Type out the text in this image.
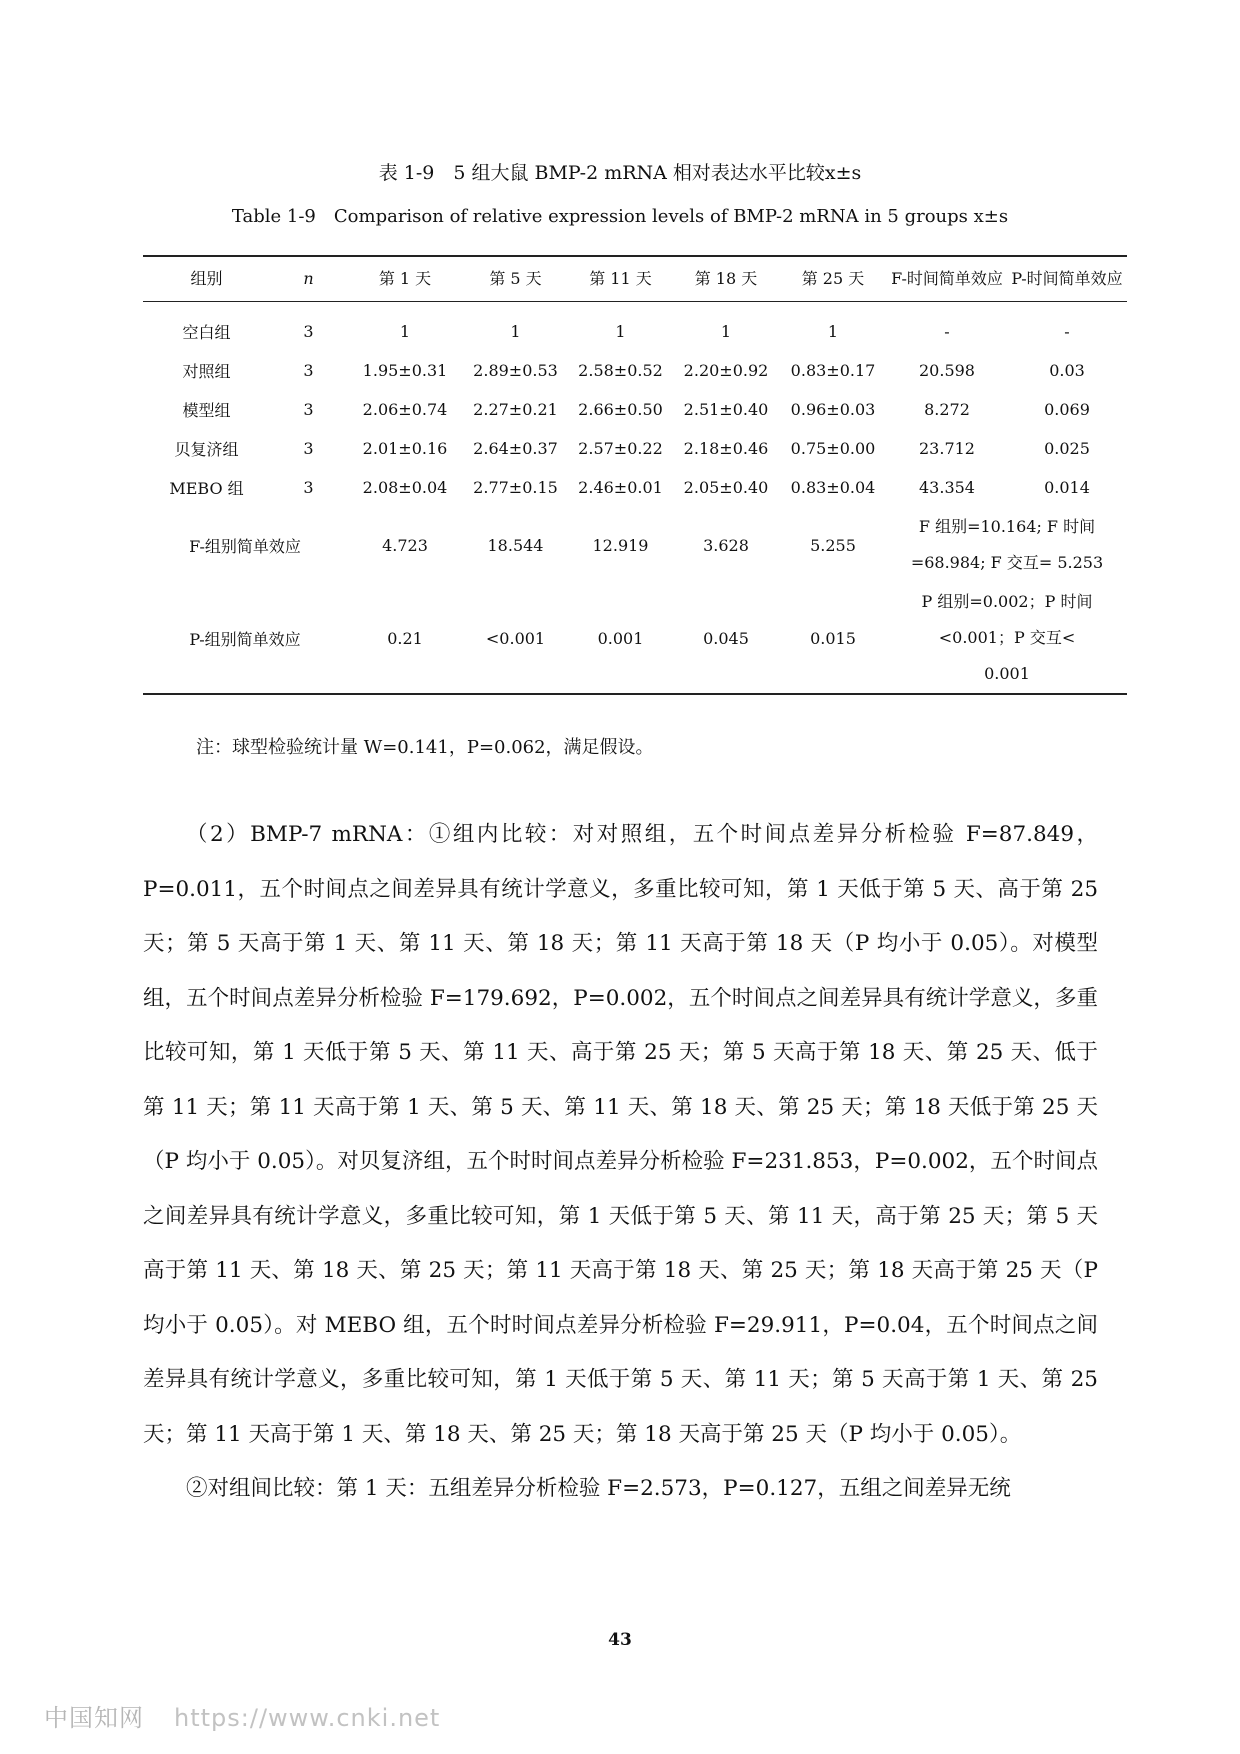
表 1-9　5 组大鼠 BMP-2 mRNA 相对表达水平比较x±s
Table 1-9　Comparison of relative expression levels of BMP-2 mRNA in 5 groups x±s
组别	n	第 1 天	第 5 天	第 11 天	第 18 天	第 25 天	F-时间简单效应	P-时间简单效应
空白组	3	1	1	1	1	1	-	-
对照组	3	1.95±0.31	2.89±0.53	2.58±0.52	2.20±0.92	0.83±0.17	20.598	0.03
模型组	3	2.06±0.74	2.27±0.21	2.66±0.50	2.51±0.40	0.96±0.03	8.272	0.069
贝复济组	3	2.01±0.16	2.64±0.37	2.57±0.22	2.18±0.46	0.75±0.00	23.712	0.025
MEBO 组	3	2.08±0.04	2.77±0.15	2.46±0.01	2.05±0.40	0.83±0.04	43.354	0.014
F-组别简单效应		4.723	18.544	12.919	3.628	5.255	F 组别=10.164; F 时间
=68.984; F 交互= 5.253	

P-组别简单效应		0.21	<0.001	0.001	0.045	0.015	P 组别=0.002；P 时间
<0.001；P 交互<
0.001	
注：球型检验统计量 W=0.141，P=0.062，满足假设。

（2）BMP-7 mRNA：①组内比较：对对照组，五个时间点差异分析检验 F=87.849，P=0.011，五个时间点之间差异具有统计学意义，多重比较可知，第 1 天低于第 5 天、高于第 25 天；第 5 天高于第 1 天、第 11 天、第 18 天；第 11 天高于第 18 天（P 均小于 0.05）。对模型组，五个时间点差异分析检验 F=179.692，P=0.002，五个时间点之间差异具有统计学意义，多重比较可知，第 1 天低于第 5 天、第 11 天、高于第 25 天；第 5 天高于第 18 天、第 25 天、低于第 11 天；第 11 天高于第 1 天、第 5 天、第 11 天、第 18 天、第 25 天；第 18 天低于第 25 天（P 均小于 0.05）。对贝复济组，五个时时间点差异分析检验 F=231.853，P=0.002，五个时间点之间差异具有统计学意义，多重比较可知，第 1 天低于第 5 天、第 11 天，高于第 25 天；第 5 天高于第 11 天、第 18 天、第 25 天；第 11 天高于第 18 天、第 25 天；第 18 天高于第 25 天（P 均小于 0.05）。对 MEBO 组，五个时时间点差异分析检验 F=29.911，P=0.04，五个时间点之间差异具有统计学意义，多重比较可知，第 1 天低于第 5 天、第 11 天；第 5 天高于第 1 天、第 25 天；第 11 天高于第 1 天、第 18 天、第 25 天；第 18 天高于第 25 天（P 均小于 0.05）。

②对组间比较：第 1 天：五组差异分析检验 F=2.573，P=0.127，五组之间差异无统

43
中国知网 https://www.cnki.net
